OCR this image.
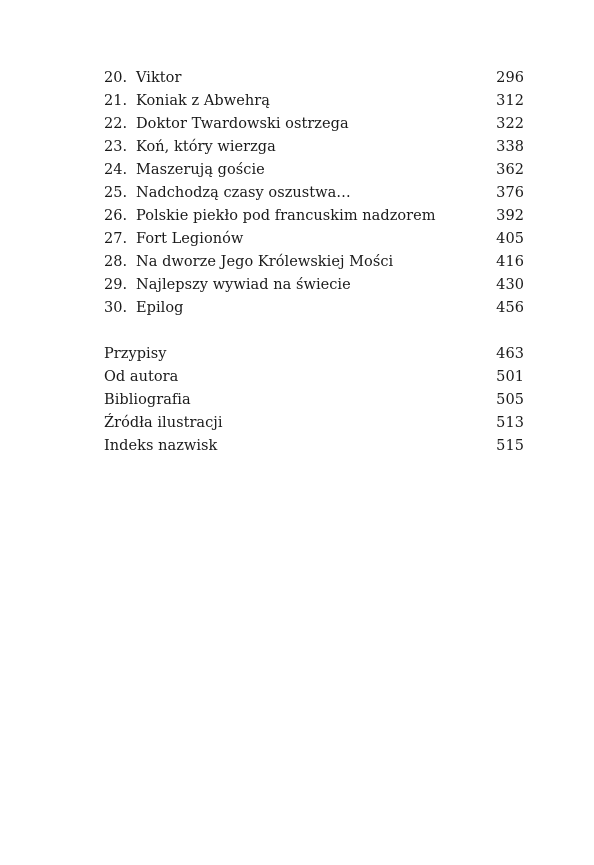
20. Viktor	296
21. Koniak z Abwehrą	312
22. Doktor Twardowski ostrzega	322
23. Koń, który wierzga	338
24. Maszerują goście	362
25. Nadchodzą czasy oszustwa…	376
26. Polskie piekło pod francuskim nadzorem	392
27. Fort Legionów	405
28. Na dworze Jego Królewskiej Mości	416
29. Najlepszy wywiad na świecie	430
30. Epilog	456
Przypisy	463
Od autora	501
Bibliografia	505
Źródła ilustracji	513
Indeks nazwisk	515
